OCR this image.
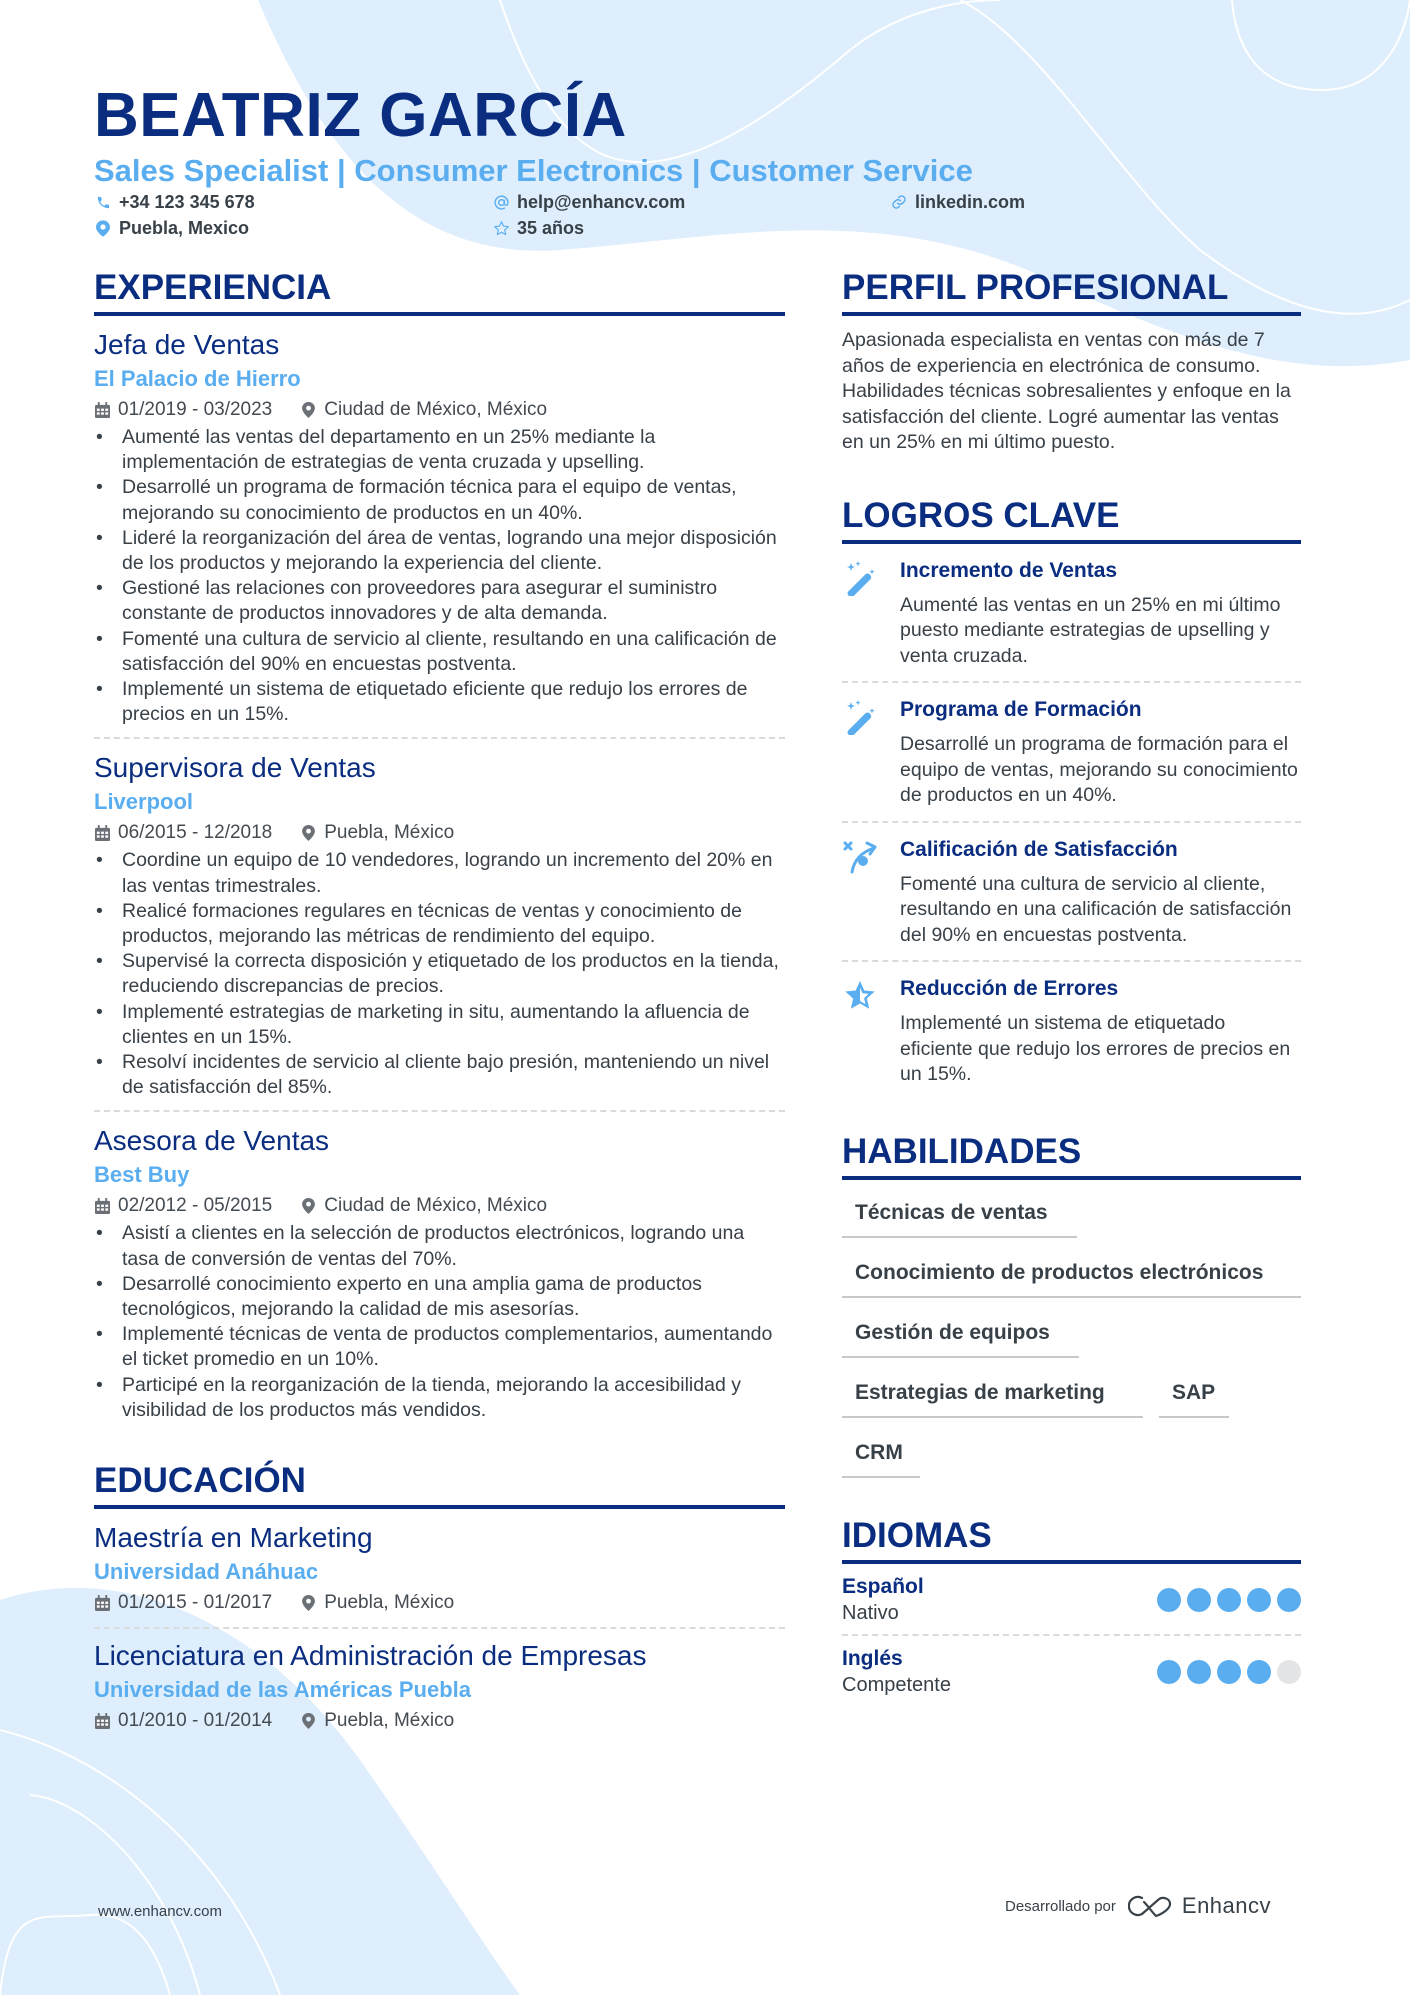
BEATRIZ GARCÍA
Sales Specialist | Consumer Electronics | Customer Service
+34 123 345 678	help@enhancv.com	linkedin.com
Puebla, Mexico	35 años
EXPERIENCIA
Jefa de Ventas
El Palacio de Hierro
01/2019 - 03/2023	Ciudad de México, México
• Aumenté las ventas del departamento en un 25% mediante la implementación de estrategias de venta cruzada y upselling.
• Desarrollé un programa de formación técnica para el equipo de ventas, mejorando su conocimiento de productos en un 40%.
• Lideré la reorganización del área de ventas, logrando una mejor disposición de los productos y mejorando la experiencia del cliente.
• Gestioné las relaciones con proveedores para asegurar el suministro constante de productos innovadores y de alta demanda.
• Fomenté una cultura de servicio al cliente, resultando en una calificación de satisfacción del 90% en encuestas postventa.
• Implementé un sistema de etiquetado eficiente que redujo los errores de precios en un 15%.
Supervisora de Ventas
Liverpool
06/2015 - 12/2018	Puebla, México
• Coordine un equipo de 10 vendedores, logrando un incremento del 20% en las ventas trimestrales.
• Realicé formaciones regulares en técnicas de ventas y conocimiento de productos, mejorando las métricas de rendimiento del equipo.
• Supervisé la correcta disposición y etiquetado de los productos en la tienda, reduciendo discrepancias de precios.
• Implementé estrategias de marketing in situ, aumentando la afluencia de clientes en un 15%.
• Resolví incidentes de servicio al cliente bajo presión, manteniendo un nivel de satisfacción del 85%.
Asesora de Ventas
Best Buy
02/2012 - 05/2015	Ciudad de México, México
• Asistí a clientes en la selección de productos electrónicos, logrando una tasa de conversión de ventas del 70%.
• Desarrollé conocimiento experto en una amplia gama de productos tecnológicos, mejorando la calidad de mis asesorías.
• Implementé técnicas de venta de productos complementarios, aumentando el ticket promedio en un 10%.
• Participé en la reorganización de la tienda, mejorando la accesibilidad y visibilidad de los productos más vendidos.
EDUCACIÓN
Maestría en Marketing
Universidad Anáhuac
01/2015 - 01/2017	Puebla, México
Licenciatura en Administración de Empresas
Universidad de las Américas Puebla
01/2010 - 01/2014	Puebla, México
PERFIL PROFESIONAL

Apasionada especialista en ventas con más de 7 años de experiencia en electrónica de consumo. Habilidades técnicas sobresalientes y enfoque en la satisfacción del cliente. Logré aumentar las ventas en un 25% en mi último puesto.

LOGROS CLAVE
Incremento de Ventas
Aumenté las ventas en un 25% en mi último puesto mediante estrategias de upselling y venta cruzada.
Programa de Formación
Desarrollé un programa de formación para el equipo de ventas, mejorando su conocimiento de productos en un 40%.
Calificación de Satisfacción
Fomenté una cultura de servicio al cliente, resultando en una calificación de satisfacción del 90% en encuestas postventa.
Reducción de Errores
Implementé un sistema de etiquetado eficiente que redujo los errores de precios en un 15%.
HABILIDADES
Técnicas de ventas
Conocimiento de productos electrónicos
Gestión de equipos
Estrategias de marketing	SAP
CRM
IDIOMAS
Español
Nativo
Inglés
Competente
www.enhancv.com	Desarrollado por	Enhancv
